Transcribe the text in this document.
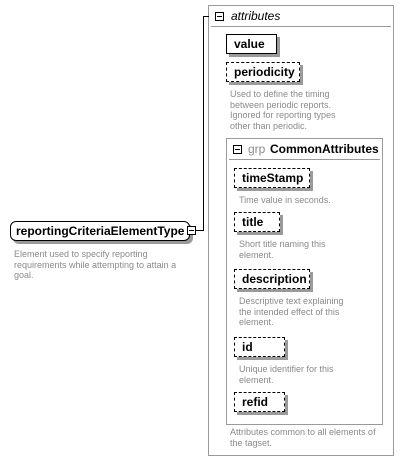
attributes
value
periodicity
Used to define the timing
between periodic reports.
Ignored for reporting types
other than periodic.
grp CommonAttributes
Attributes common to all elements of
the tagset.
timeStamp
Time value in seconds.
title
Short title naming this
element.
description
Descriptive text explaining
the intended effect of this
element.
id
Unique identifier for this
element.
refid
reportingCriteriaElementType
Element used to specify reporting
requirements while attempting to attain a
goal.
